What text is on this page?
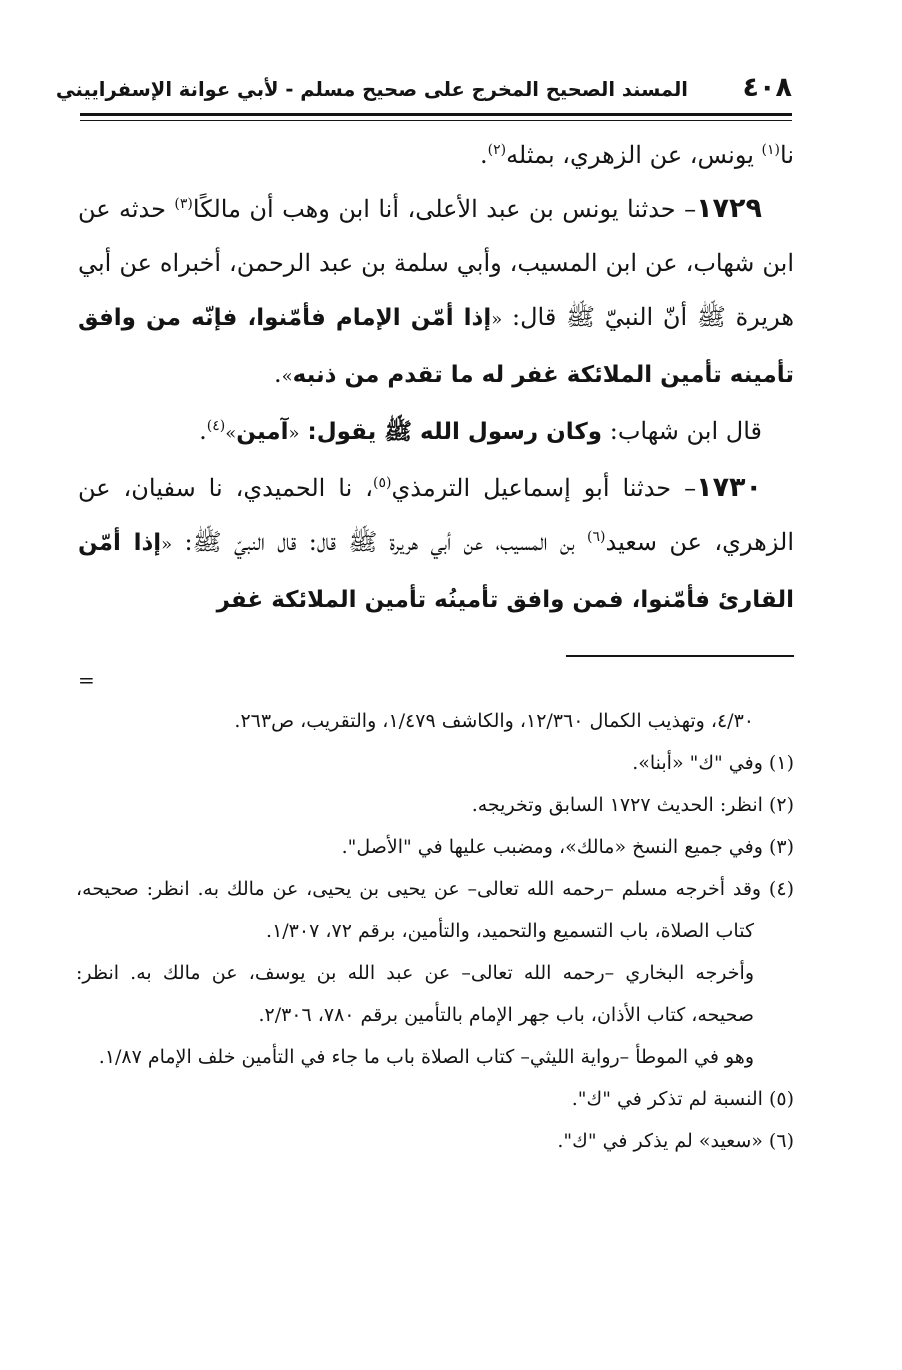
٤٠٨
المسند الصحيح المخرج على صحيح مسلم - لأبي عوانة الإسفراييني

نا$^{(١)}$ يونس، عن الزهري، بمثله$^{(٢)}$.

١٧٢٩– حدثنا يونس بن عبد الأعلى، أنا ابن وهب أن مالكًا$^{(٣)}$ حدثه عن ابن شهاب، عن ابن المسيب، وأبي سلمة بن عبد الرحمن، أخبراه عن أبي هريرة ﷺ أنّ النبيّ ﷺ قال: «إذا أمّن الإمام فأمّنوا، فإنّه من وافق تأمينه تأمين الملائكة غفر له ما تقدم من ذنبه».

قال ابن شهاب: وكان رسول الله ﷺ يقول: «آمين»$^{(٤)}$.

١٧٣٠– حدثنا أبو إسماعيل الترمذي$^{(٥)}$، نا الحميدي، نا سفيان، عن الزهري، عن سعيد$^{(٦)}$ بن المسيب، عن أبي هريرة ﷺ قال: قال النبيّ ﷺ: «إذا أمّن القارئ فأمّنوا، فمن وافق تأمينُه تأمين الملائكة غفر

=

٤/٣٠، وتهذيب الكمال ١٢/٣٦٠، والكاشف ١/٤٧٩، والتقريب، ص٢٦٣.

(١) وفي "ك" «أبنا».

(٢) انظر: الحديث ١٧٢٧ السابق وتخريجه.

(٣) وفي جميع النسخ «مالك»، ومضبب عليها في "الأصل".

(٤) وقد أخرجه مسلم –رحمه الله تعالى– عن يحيى بن يحيى، عن مالك به. انظر: صحيحه، كتاب الصلاة، باب التسميع والتحميد، والتأمين، برقم ٧٢، ١/٣٠٧.

وأخرجه البخاري –رحمه الله تعالى– عن عبد الله بن يوسف، عن مالك به. انظر: صحيحه، كتاب الأذان، باب جهر الإمام بالتأمين برقم ٧٨٠، ٢/٣٠٦.

وهو في الموطأ –رواية الليثي– كتاب الصلاة باب ما جاء في التأمين خلف الإمام ١/٨٧.

(٥) النسبة لم تذكر في "ك".

(٦) «سعيد» لم يذكر في "ك".
